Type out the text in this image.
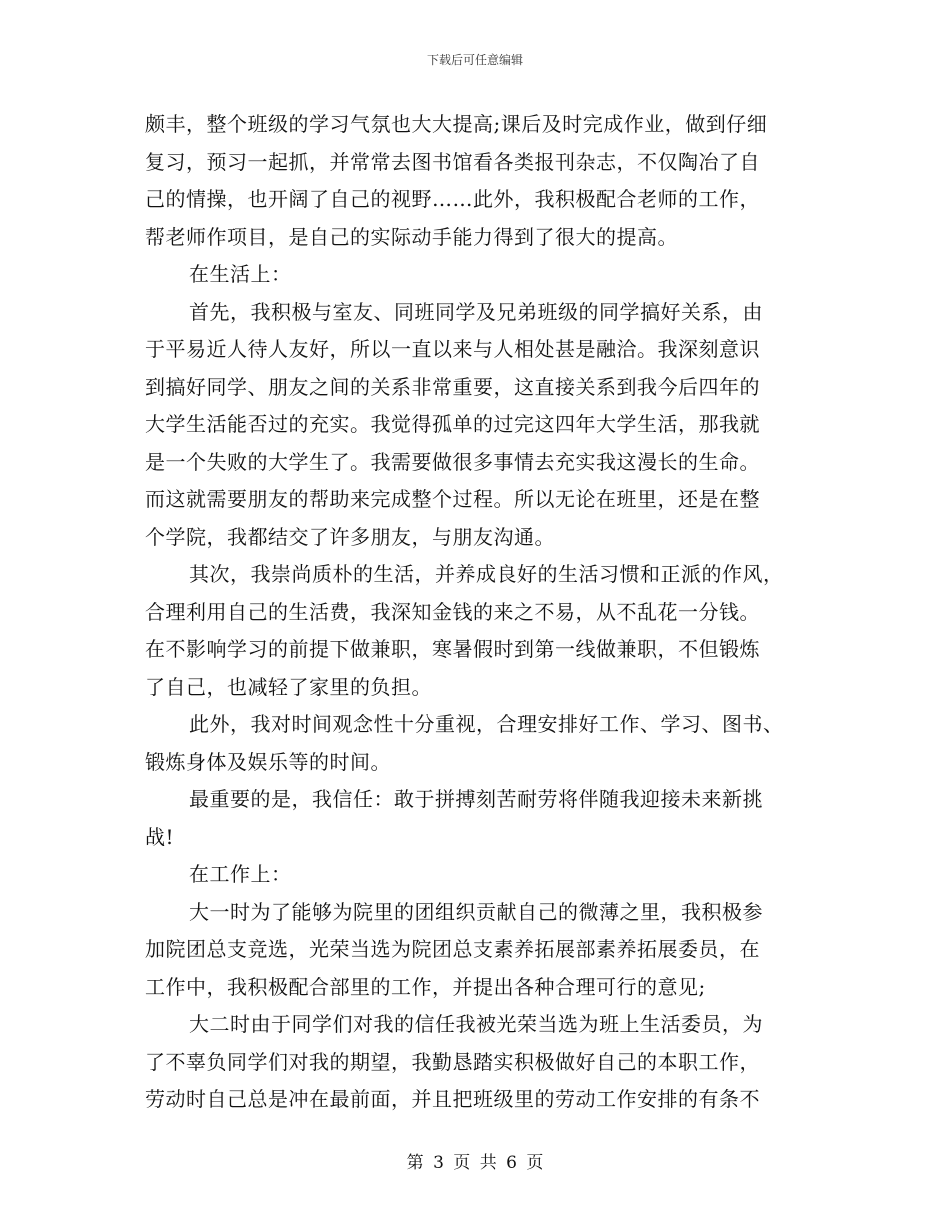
下载后可任意编辑
颇丰，整个班级的学习气氛也大大提高;课后及时完成作业，做到仔细
复习，预习一起抓，并常常去图书馆看各类报刊杂志，不仅陶冶了自
己的情操，也开阔了自己的视野……此外，我积极配合老师的工作，
帮老师作项目，是自己的实际动手能力得到了很大的提高。
在生活上：
首先，我积极与室友、同班同学及兄弟班级的同学搞好关系，由
于平易近人待人友好，所以一直以来与人相处甚是融洽。我深刻意识
到搞好同学、朋友之间的关系非常重要，这直接关系到我今后四年的
大学生活能否过的充实。我觉得孤单的过完这四年大学生活，那我就
是一个失败的大学生了。我需要做很多事情去充实我这漫长的生命。
而这就需要朋友的帮助来完成整个过程。所以无论在班里，还是在整
个学院，我都结交了许多朋友，与朋友沟通。
其次，我崇尚质朴的生活，并养成良好的生活习惯和正派的作风，
合理利用自己的生活费，我深知金钱的来之不易，从不乱花一分钱。
在不影响学习的前提下做兼职，寒暑假时到第一线做兼职，不但锻炼
了自己，也减轻了家里的负担。
此外，我对时间观念性十分重视，合理安排好工作、学习、图书、
锻炼身体及娱乐等的时间。
最重要的是，我信任：敢于拼搏刻苦耐劳将伴随我迎接未来新挑
战!
在工作上：
大一时为了能够为院里的团组织贡献自己的微薄之里，我积极参
加院团总支竞选，光荣当选为院团总支素养拓展部素养拓展委员，在
工作中，我积极配合部里的工作，并提出各种合理可行的意见;
大二时由于同学们对我的信任我被光荣当选为班上生活委员，为
了不辜负同学们对我的期望，我勤恳踏实积极做好自己的本职工作，
劳动时自己总是冲在最前面，并且把班级里的劳动工作安排的有条不
第 3 页 共 6 页
